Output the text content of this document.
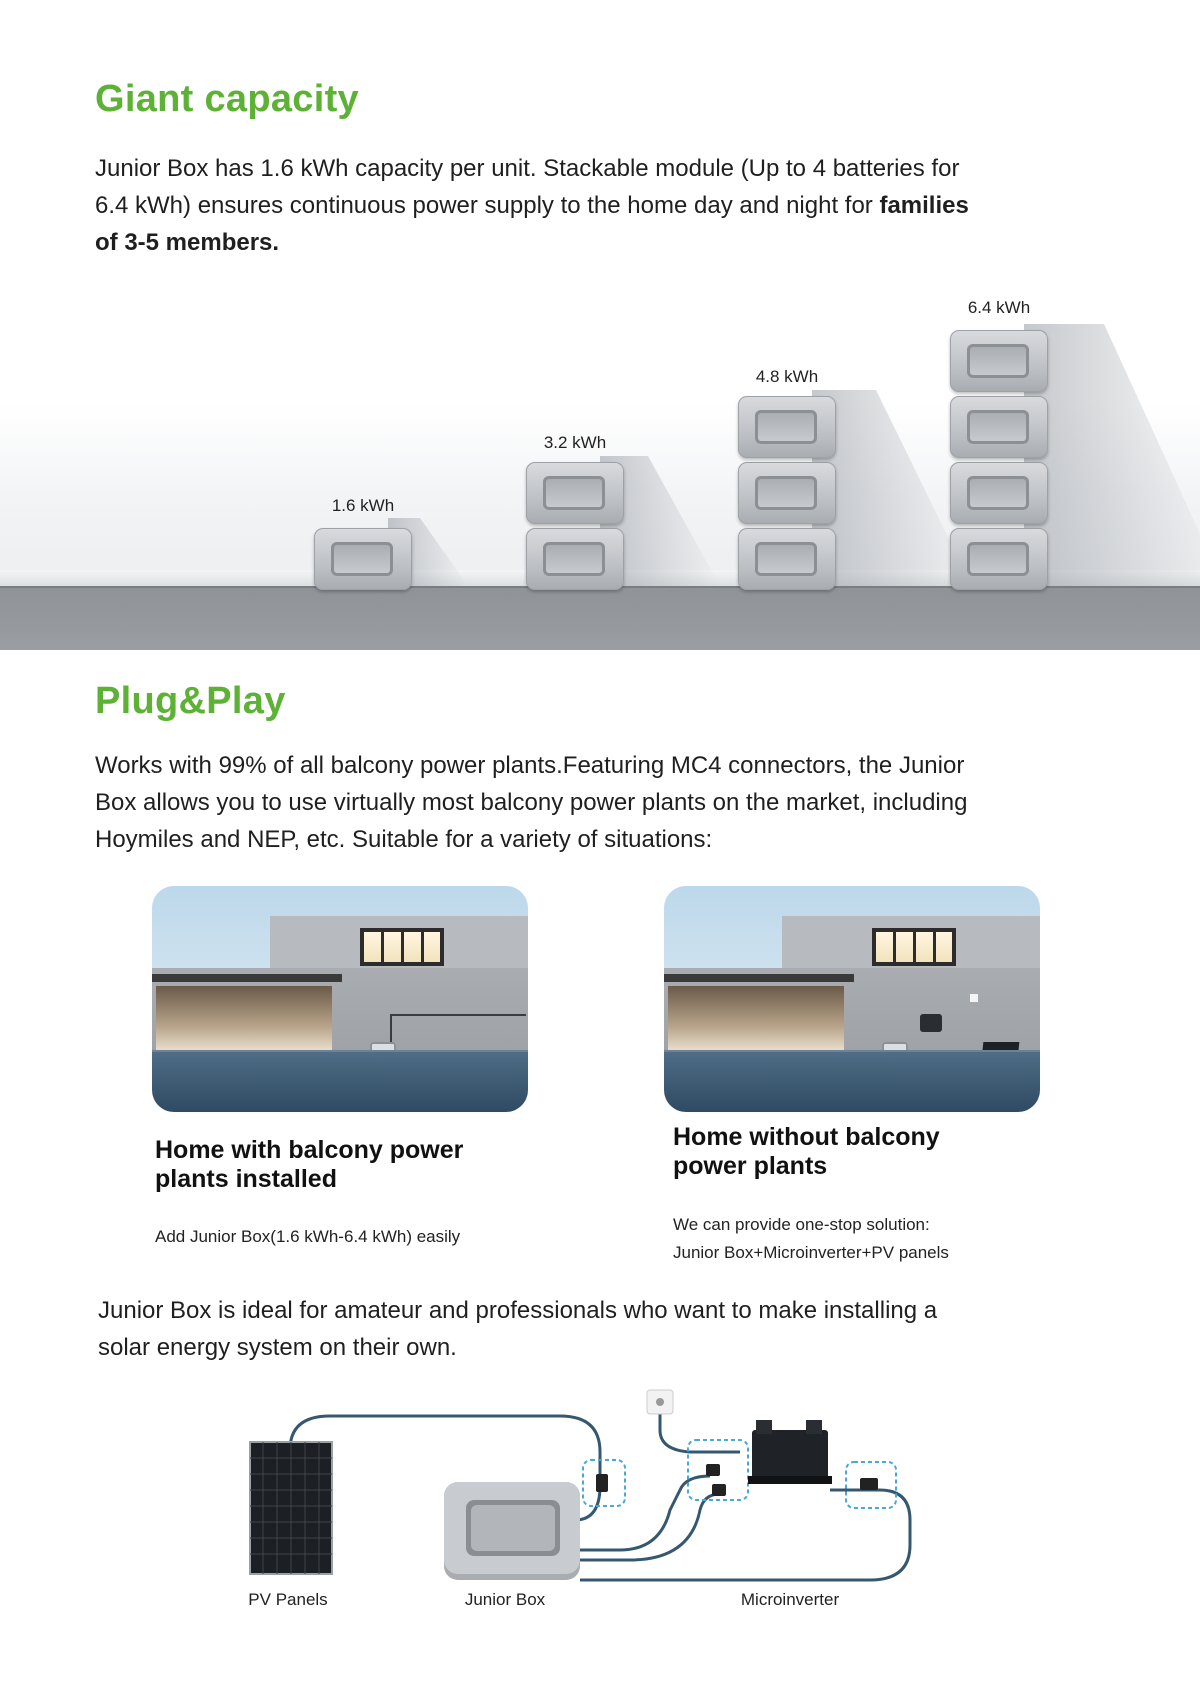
Giant capacity
Junior Box has 1.6 kWh capacity per unit. Stackable module (Up to 4 batteries for
6.4 kWh) ensures continuous power supply to the home day and night for families
of 3-5 members.
1.6 kWh
3.2 kWh
4.8 kWh
6.4 kWh
Plug&Play
Works with 99% of all balcony power plants.Featuring MC4 connectors, the Junior
Box allows you to use virtually most balcony power plants on the market, including
Hoymiles and NEP, etc. Suitable for a variety of situations:
Home with balcony power
plants installed
Add Junior Box(1.6 kWh-6.4 kWh) easily
Home without balcony
power plants
We can provide one-stop solution:
Junior Box+Microinverter+PV panels
Junior Box is ideal for amateur and professionals who want to make installing a
solar energy system on their own.
PV Panels	Junior Box	Microinverter
